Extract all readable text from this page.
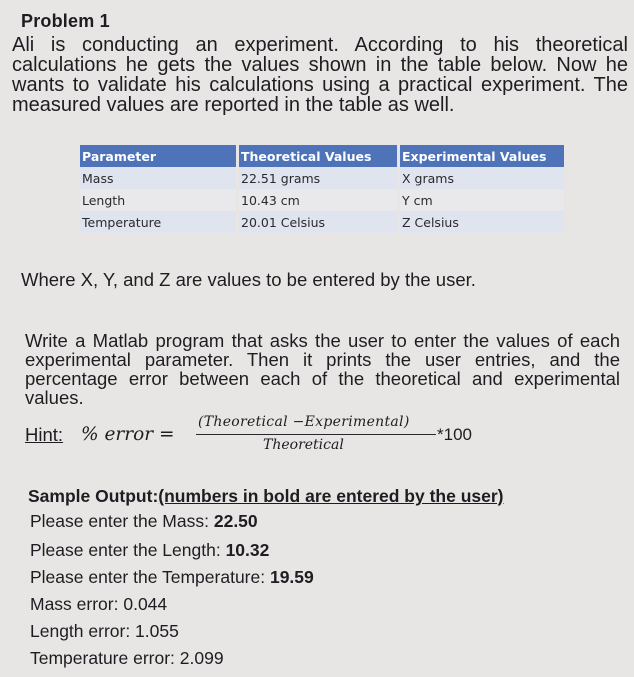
Problem 1
Ali is conducting an experiment. According to his theoretical calculations he gets the values shown in the table below. Now he wants to validate his calculations using a practical experiment. The measured values are reported in the table as well.
Parameter	Theoretical Values	Experimental Values
Mass	22.51 grams	X grams
Length	10.43 cm	Y cm
Temperature	20.01 Celsius	Z Celsius
Where X, Y, and Z are values to be entered by the user.
Write a Matlab program that asks the user to enter the values of each experimental parameter. Then it prints the user entries, and the percentage error between each of the theoretical and experimental values.
Hint: % error =
(Theoretical −Experimental)
Theoretical
*100
Sample Output:(numbers in bold are entered by the user)
Please enter the Mass: 22.50
Please enter the Length: 10.32
Please enter the Temperature: 19.59
Mass error: 0.044
Length error: 1.055
Temperature error: 2.099
